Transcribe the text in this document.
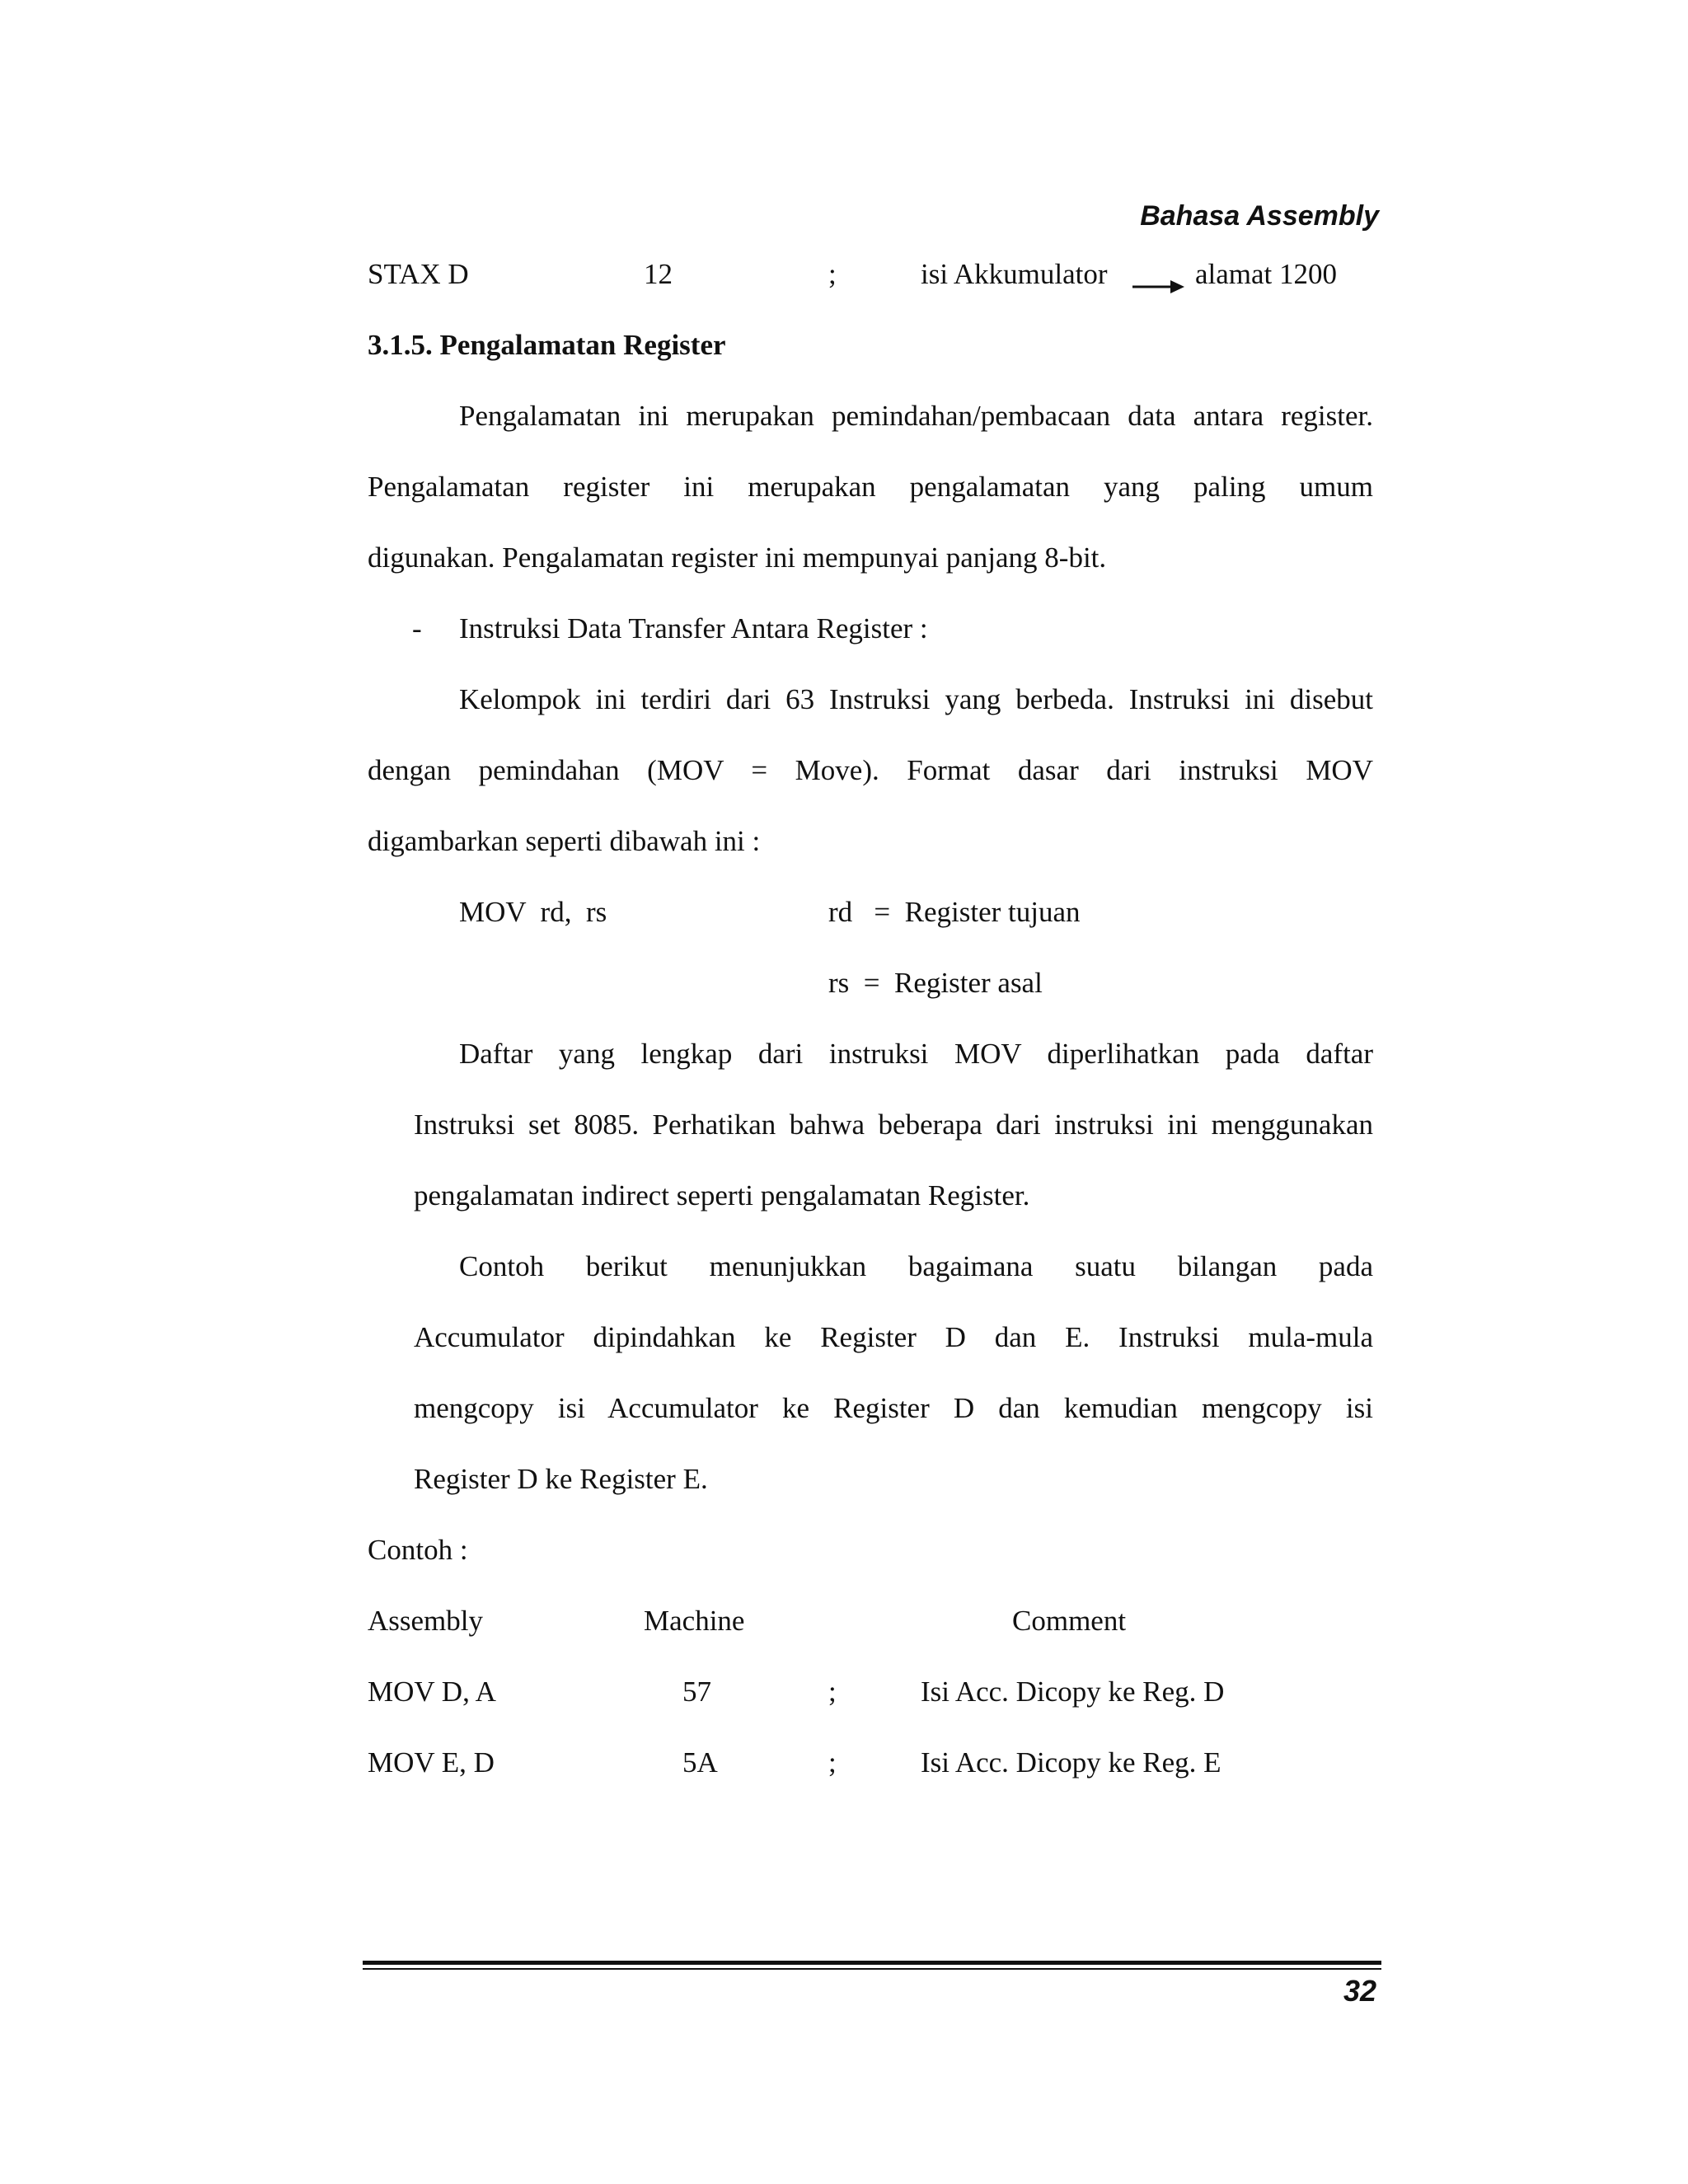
Bahasa Assembly
STAX D	12	;	isi Akkumulator	alamat 1200
3.1.5. Pengalamatan Register
Pengalamatan ini merupakan pemindahan/pembacaan data antara register.
Pengalamatan register ini merupakan pengalamatan yang paling umum
digunakan. Pengalamatan register ini mempunyai panjang 8-bit.
- Instruksi Data Transfer Antara Register :
Kelompok ini terdiri dari 63 Instruksi yang berbeda. Instruksi ini disebut
dengan pemindahan (MOV = Move). Format dasar dari instruksi MOV
digambarkan seperti dibawah ini :
MOV  rd,  rs	rd   =  Register tujuan
rs  =  Register asal
Daftar yang lengkap dari instruksi MOV diperlihatkan pada daftar
Instruksi set 8085. Perhatikan bahwa beberapa dari instruksi ini menggunakan
pengalamatan indirect seperti pengalamatan Register.
Contoh berikut menunjukkan bagaimana suatu bilangan pada
Accumulator dipindahkan ke Register D dan E. Instruksi mula-mula
mengcopy isi Accumulator ke Register D dan kemudian mengcopy isi
Register D ke Register E.
Contoh :
Assembly	Machine	Comment
MOV D, A	57	;	Isi Acc. Dicopy ke Reg. D
MOV E, D	5A	;	Isi Acc. Dicopy ke Reg. E
32
